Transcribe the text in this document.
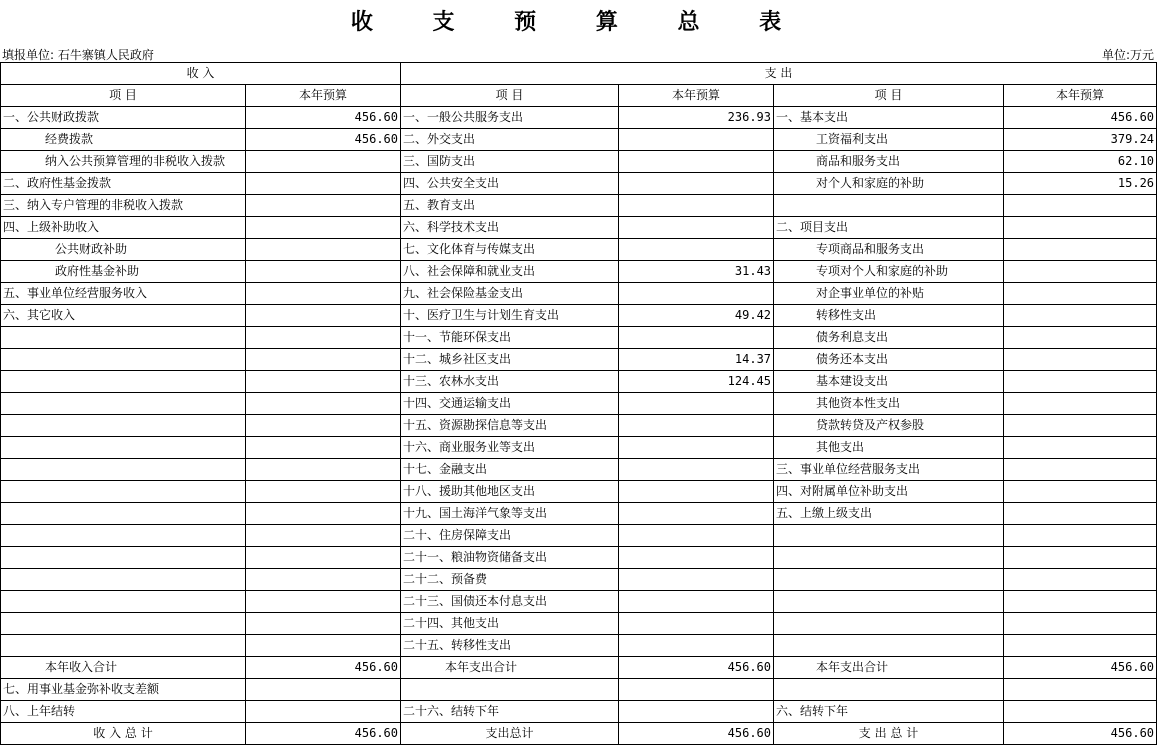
收 支 预 算 总 表
填报单位: 石牛寨镇人民政府	单位:万元
收 入		支 出			
项 目	本年预算	项 目	本年预算	项 目	本年预算
一、公共财政拨款	456.60	一、一般公共服务支出	236.93	一、基本支出	456.60
经费拨款	456.60	二、外交支出		工资福利支出	379.24
纳入公共预算管理的非税收入拨款		三、国防支出		商品和服务支出	62.10
二、政府性基金拨款		四、公共安全支出		对个人和家庭的补助	15.26
三、纳入专户管理的非税收入拨款		五、教育支出			
四、上级补助收入		六、科学技术支出		二、项目支出	
公共财政补助		七、文化体育与传媒支出		专项商品和服务支出	
政府性基金补助		八、社会保障和就业支出	31.43	专项对个人和家庭的补助	
五、事业单位经营服务收入		九、社会保险基金支出		对企事业单位的补贴	
六、其它收入		十、医疗卫生与计划生育支出	49.42	转移性支出	
		十一、节能环保支出		债务利息支出	
		十二、城乡社区支出	14.37	债务还本支出	
		十三、农林水支出	124.45	基本建设支出	
		十四、交通运输支出		其他资本性支出	
		十五、资源勘探信息等支出		贷款转贷及产权参股	
		十六、商业服务业等支出		其他支出	
		十七、金融支出		三、事业单位经营服务支出	
		十八、援助其他地区支出		四、对附属单位补助支出	
		十九、国土海洋气象等支出		五、上缴上级支出	
		二十、住房保障支出			
		二十一、粮油物资储备支出			
		二十二、预备费			
		二十三、国债还本付息支出			
		二十四、其他支出			
		二十五、转移性支出			
本年收入合计	456.60	本年支出合计	456.60	本年支出合计	456.60
七、用事业基金弥补收支差额					
八、上年结转		二十六、结转下年		六、结转下年	
收 入 总 计	456.60	支出总计	456.60	支 出 总 计	456.60
